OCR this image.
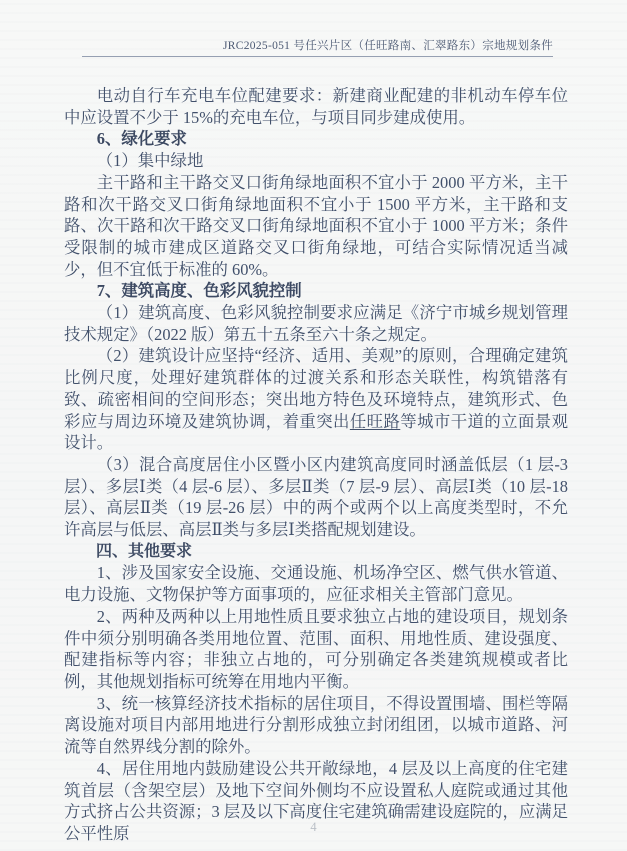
JRC2025-051 号任兴片区（任旺路南、汇翠路东）宗地规划条件

电动自行车充电车位配建要求：新建商业配建的非机动车停车位中应设置不少于 15%的充电车位，与项目同步建成使用。

6、绿化要求

（1）集中绿地

主干路和主干路交叉口街角绿地面积不宜小于 2000 平方米，主干路和次干路交叉口街角绿地面积不宜小于 1500 平方米，主干路和支路、次干路和次干路交叉口街角绿地面积不宜小于 1000 平方米；条件受限制的城市建成区道路交叉口街角绿地，可结合实际情况适当减少，但不宜低于标准的 60%。

7、建筑高度、色彩风貌控制

（1）建筑高度、色彩风貌控制要求应满足《济宁市城乡规划管理技术规定》（2022 版）第五十五条至六十条之规定。

（2）建筑设计应坚持“经济、适用、美观”的原则，合理确定建筑比例尺度，处理好建筑群体的过渡关系和形态关联性，构筑错落有致、疏密相间的空间形态；突出地方特色及环境特点，建筑形式、色彩应与周边环境及建筑协调，着重突出任旺路等城市干道的立面景观设计。

（3）混合高度居住小区暨小区内建筑高度同时涵盖低层（1 层-3 层）、多层Ⅰ类（4 层-6 层）、多层Ⅱ类（7 层-9 层）、高层Ⅰ类（10 层-18 层）、高层Ⅱ类（19 层-26 层）中的两个或两个以上高度类型时，不允许高层与低层、高层Ⅱ类与多层Ⅰ类搭配规划建设。

四、其他要求

1、涉及国家安全设施、交通设施、机场净空区、燃气供水管道、电力设施、文物保护等方面事项的，应征求相关主管部门意见。

2、两种及两种以上用地性质且要求独立占地的建设项目，规划条件中须分别明确各类用地位置、范围、面积、用地性质、建设强度、配建指标等内容；非独立占地的，可分别确定各类建筑规模或者比例，其他规划指标可统筹在用地内平衡。

3、统一核算经济技术指标的居住项目，不得设置围墙、围栏等隔离设施对项目内部用地进行分割形成独立封闭组团，以城市道路、河流等自然界线分割的除外。

4、居住用地内鼓励建设公共开敞绿地，4 层及以上高度的住宅建筑首层（含架空层）及地下空间外侧均不应设置私人庭院或通过其他方式挤占公共资源；3 层及以下高度住宅建筑确需建设庭院的，应满足公平性原	4
